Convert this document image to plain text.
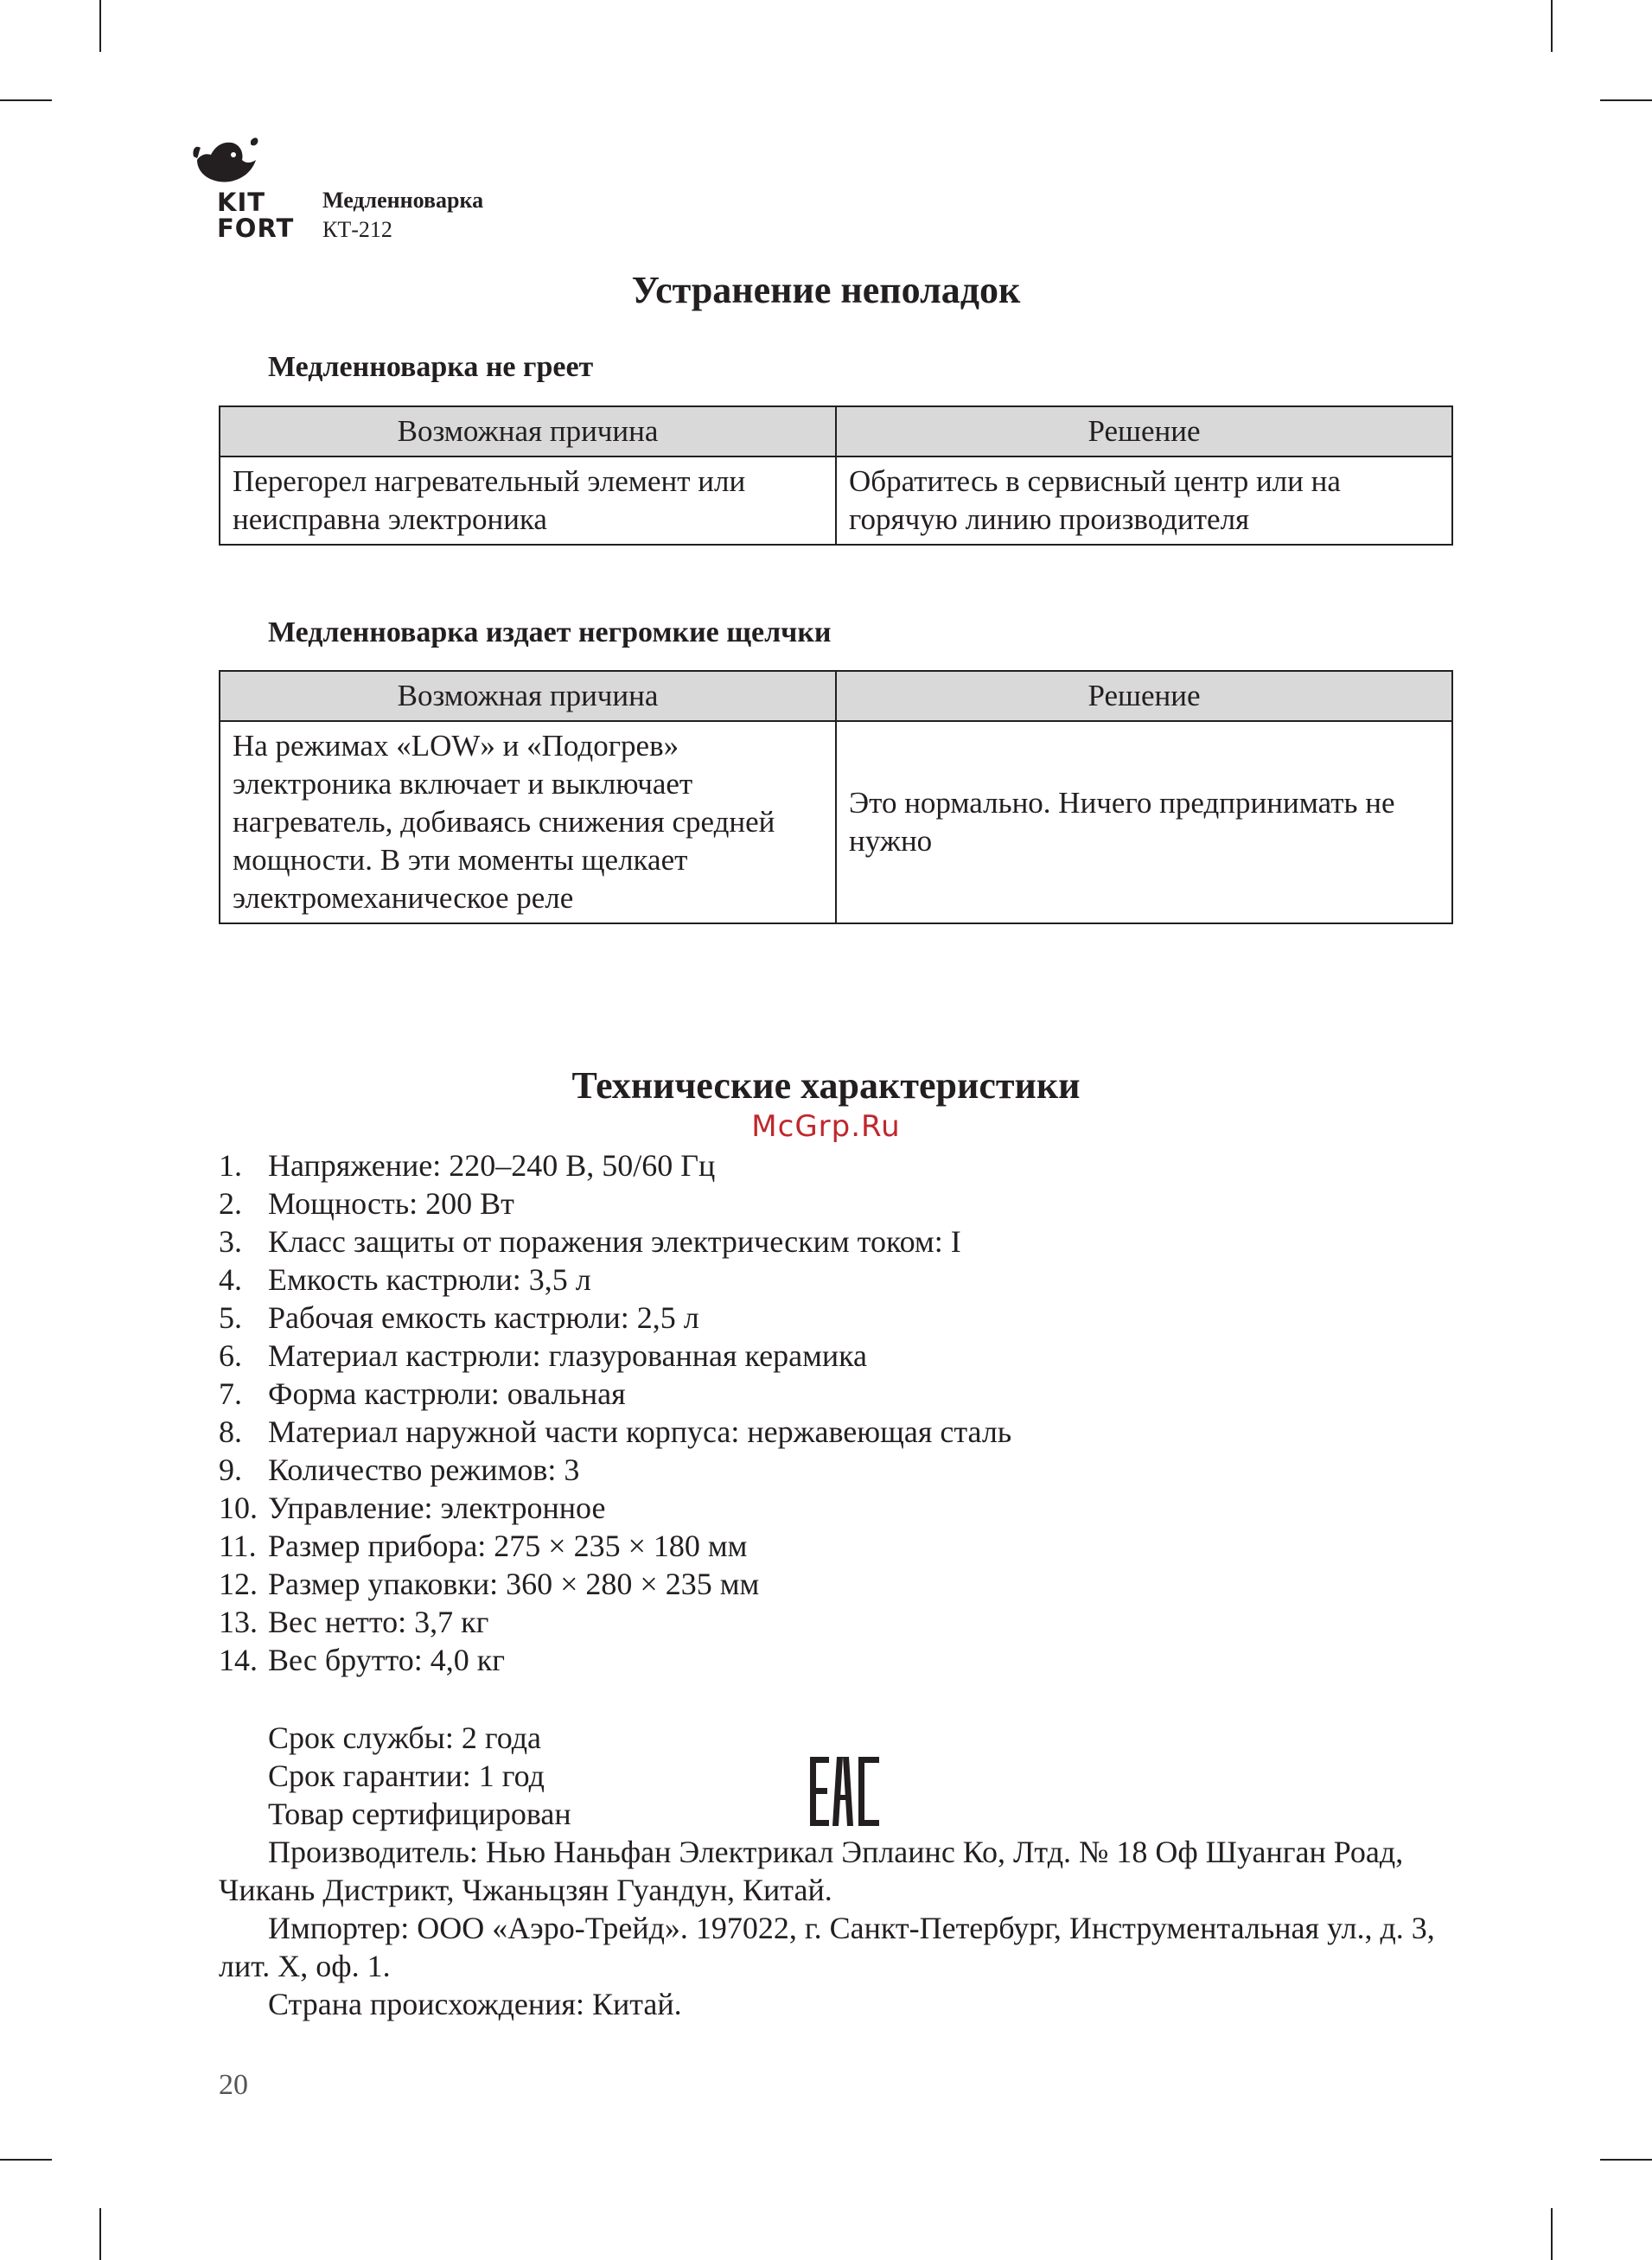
KIT
FORT
Медленноварка
КТ-212
Устранение неполадок
Медленноварка не греет
Возможная причина	Решение
Перегорел нагревательный элемент или неисправна электроника	Обратитесь в сервисный центр или на горячую линию производителя
Медленноварка издает негромкие щелчки
Возможная причина	Решение
На режимах «LOW» и «Подогрев» электроника включает и выключает нагреватель, добиваясь снижения средней мощности. В эти моменты щелкает электромеханическое реле	Это нормально. Ничего предпринимать не нужно
Технические характеристики
McGrp.Ru
1. Напряжение: 220–240 В, 50/60 Гц
2. Мощность: 200 Вт
3. Класс защиты от поражения электрическим током: I
4. Емкость кастрюли: 3,5 л
5. Рабочая емкость кастрюли: 2,5 л
6. Материал кастрюли: глазурованная керамика
7. Форма кастрюли: овальная
8. Материал наружной части корпуса: нержавеющая сталь
9. Количество режимов: 3
10. Управление: электронное
11. Размер прибора: 275 × 235 × 180 мм
12. Размер упаковки: 360 × 280 × 235 мм
13. Вес нетто: 3,7 кг
14. Вес брутто: 4,0 кг

Срок службы: 2 года

Срок гарантии: 1 год

Товар сертифицирован

Производитель: Нью Наньфан Электрикал Эплаинс Ко, Лтд. № 18 Оф Шуанган Роад, Чикань Дистрикт, Чжаньцзян Гуандун, Китай.

Импортер: ООО «Аэро-Трейд». 197022, г. Санкт-Петербург, Инструментальная ул., д. 3, лит. Х, оф. 1.

Страна происхождения: Китай.

20
